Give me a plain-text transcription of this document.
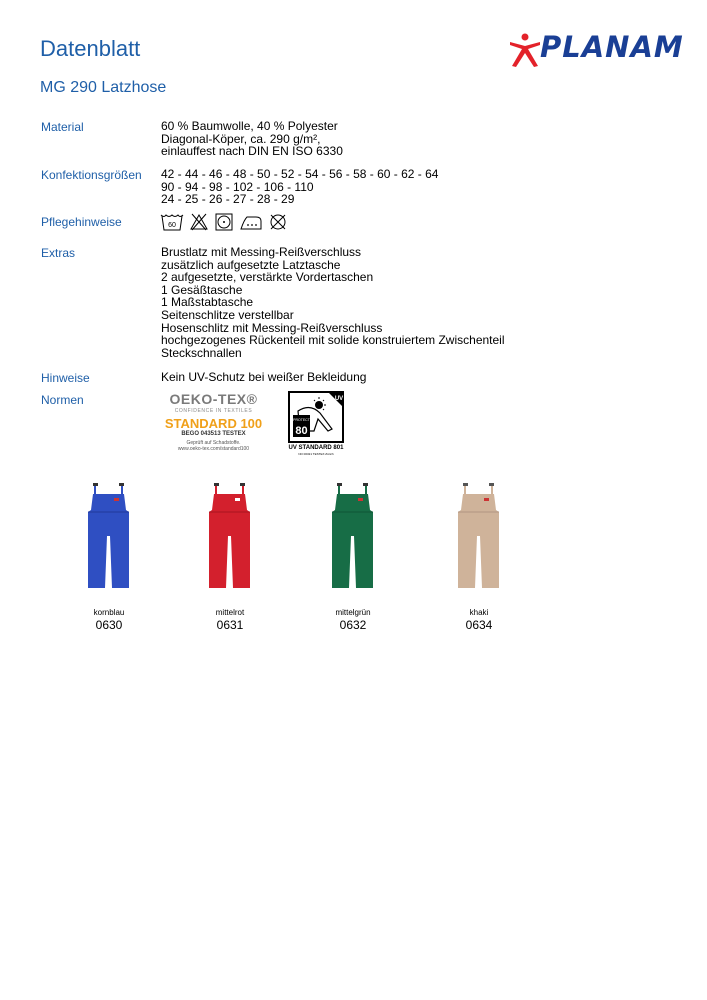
Datenblatt
MG 290 Latzhose
PLANAM
Material	60 % Baumwolle, 40 % Polyester
Diagonal-Köper, ca. 290 g/m²,
einlauffest nach DIN EN ISO 6330
Konfektionsgrößen 42 - 44 - 46 - 48 - 50 - 52 - 54 - 56 - 58 - 60 - 62 - 64
90 - 94 - 98 - 102 - 106 - 110
24 - 25 - 26 - 27 - 28 - 29
Pflegehinweise	60
Extras	Brustlatz mit Messing-Reißverschluss
zusätzlich aufgesetzte Latztasche
2 aufgesetzte, verstärkte Vordertaschen
1 Gesäßtasche
1 Maßstabtasche
Seitenschlitze verstellbar
Hosenschlitz mit Messing-Reißverschluss
hochgezogenes Rückenteil mit solide konstruiertem Zwischenteil
Steckschnallen
Hinweise	Kein UV-Schutz bei weißer Bekleidung
Normen	OEKO-TEX®
CONFIDENCE IN TEXTILES
STANDARD 100
BEGO 043513 TESTEX
Geprüft auf Schadstoffe.
www.oeko-tex.com/standard100
UV
PROTECT
80
UV STANDARD 801
NO 00321 TESTEX Zürich
kornblau
0630
mittelrot
0631
mittelgrün
0632
khaki
0634
